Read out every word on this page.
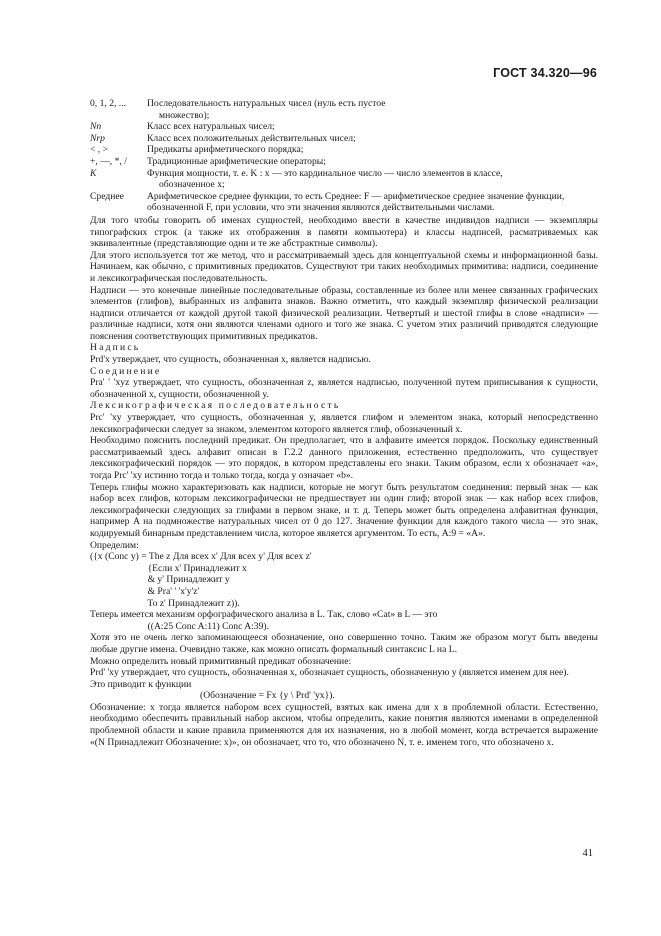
ГОСТ 34.320—96
0, 1, 2, ...	Последовательность натуральных чисел (нуль есть пустое
множество);
Nn	Класс всех натуральных чисел;
Nrp	Класс всех положительных действительных чисел;
< , >	Предикаты арифметического порядка;
+, —, *, /	Традиционные арифметические операторы;
K	Функция мощности, т. е. K : x — это кардинальное число — число элементов в классе,
обозначенное x;
Среднее	Арифметическое среднее функции, то есть Среднее: F — арифметическое среднее значение функции, обозначенной F, при условии, что эти значения являются действительными числами.

Для того чтобы говорить об именах сущностей, необходимо ввести в качестве индивидов надписи — экземпляры типографских строк (а также их отображения в памяти компьютера) и классы надписей, расматриваемых как эквивалентные (представляющие одни и те же абстрактные символы).

Для этого используется тот же метод, что и рассматриваемый здесь для концептуальной схемы и информационной базы. Начинаем, как обычно, с примитивных предикатов. Существуют три таких необходимых примитива: надписи, соединение и лексикографическая последовательность.

Надписи — это конечные линейные последовательные образы, составленные из более или менее связанных графических элементов (глифов), выбранных из алфавита знаков. Важно отметить, что каждый экземпляр физической реализации надписи отличается от каждой другой такой физической реализации. Четвертый и шестой глифы в слове «надписи» — различные надписи, хотя они являются членами одного и того же знака. С учетом этих различий приводятся следующие пояснения соответствующих примитивных предикатов.

Надпись

Prd'x утверждает, что сущность, обозначенная x, является надписью.

Соединение

Pra' ' 'xyz утверждает, что сущность, обозначенная z, является надписью, полученной путем приписывания к сущности, обозначенной x, сущности, обозначенной y.

Лексикографическая последовательность

Prc' 'xy утверждает, что сущность, обозначенная y, является глифом и элементом знака, который непосредственно лексикографически следует за знаком, элементом которого является глиф, обозначенный x.

Необходимо пояснить последний предикат. Он предполагает, что в алфавите имеется порядок. Поскольку единственный рассматриваемый здесь алфавит описан в Г.2.2 данного приложения, естественно предположить, что существует лексикографический порядок — это порядок, в котором представлены его знаки. Таким образом, если x обозначает «a», тогда Prc' 'xy истинно тогда и только тогда, когда y означает «b».

Теперь глифы можно характеризовать как надписи, которые не могут быть результатом соединения: первый знак — как набор всех глифов, которым лексикографически не предшествует ни один глиф; второй знак — как набор всех глифов, лексикографически следующих за глифами в первом знаке, и т. д. Теперь может быть определена алфавитная функция, например A на подмножестве натуральных чисел от 0 до 127. Значение функции для каждого такого числа — это знак, кодируемый бинарным представлением числа, которое является аргументом. То есть, A:9 = «A».

Определим:

({x (Conc y) = The z Для всех x' Для всех y' Для всех z'
{Если x' Принадлежит x
& y' Принадлежит y
& Pra' ' 'x'y'z'
To z' Принадлежит z)).
Теперь имеется механизм орфографического анализа в L. Так, слово «Cat» в L — это
((A:25 Conc A:11) Conc A:39).

Хотя это не очень легко запоминающееся обозначение, оно совершенно точно. Таким же образом могут быть введены любые другие имена. Очевидно также, как можно описать формальный синтаксис L на L.

Можно определить новый примитивный предикат обозначение:

Prd' 'xy утверждает, что сущность, обозначенная x, обозначает сущность, обозначенную y (является именем для нее).

Это приводит к функции

(Обозначение = Fx {y \ Prd' 'yx}).

Обозначение: x тогда является набором всех сущностей, взятых как имена для x в проблемной области. Естественно, необходимо обеспечить правильный набор аксиом, чтобы определить, какие понятия являются именами в определенной проблемной области и какие правила применяются для их назначения, но в любой момент, когда встречается выражение «(N Принадлежит Обозначение: x)», он обозначает, что то, что обозначено N, т. е. именем того, что обозначено x.

41
